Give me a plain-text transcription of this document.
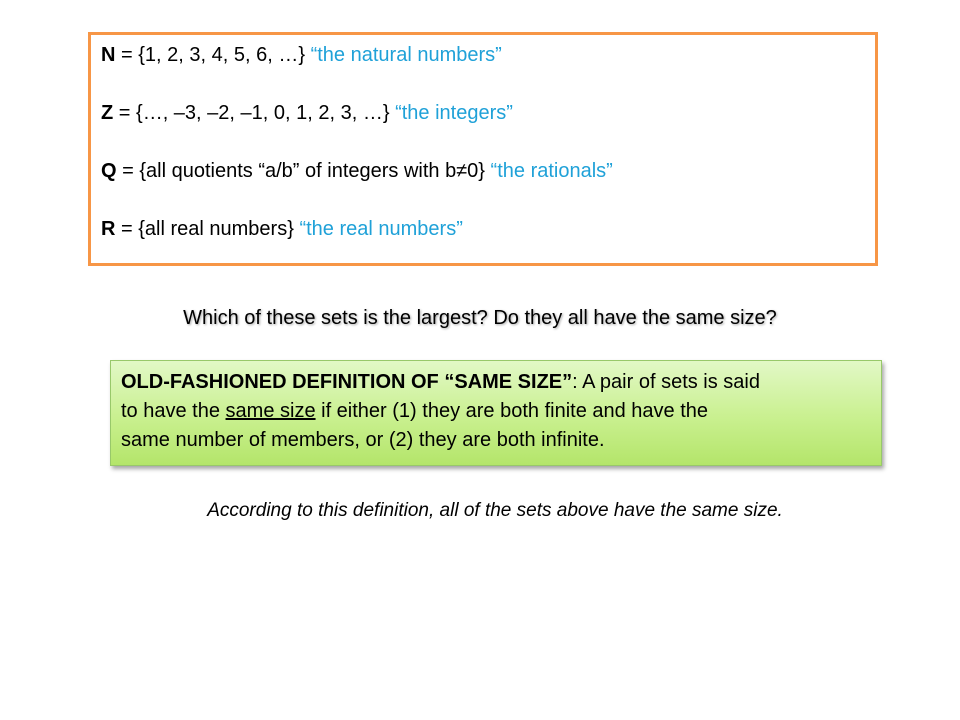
N = {1, 2, 3, 4, 5, 6, …} “the natural numbers”
Z = {…, –3, –2, –1, 0, 1, 2, 3, …} “the integers”
Q = {all quotients “a/b” of integers with b≠0} “the rationals”
R = {all real numbers} “the real numbers”
Which of these sets is the largest? Do they all have the same size?
OLD-FASHIONED DEFINITION OF “SAME SIZE”: A pair of sets is said
to have the same size if either (1) they are both finite and have the
same number of members, or (2) they are both infinite.
According to this definition, all of the sets above have the same size.
